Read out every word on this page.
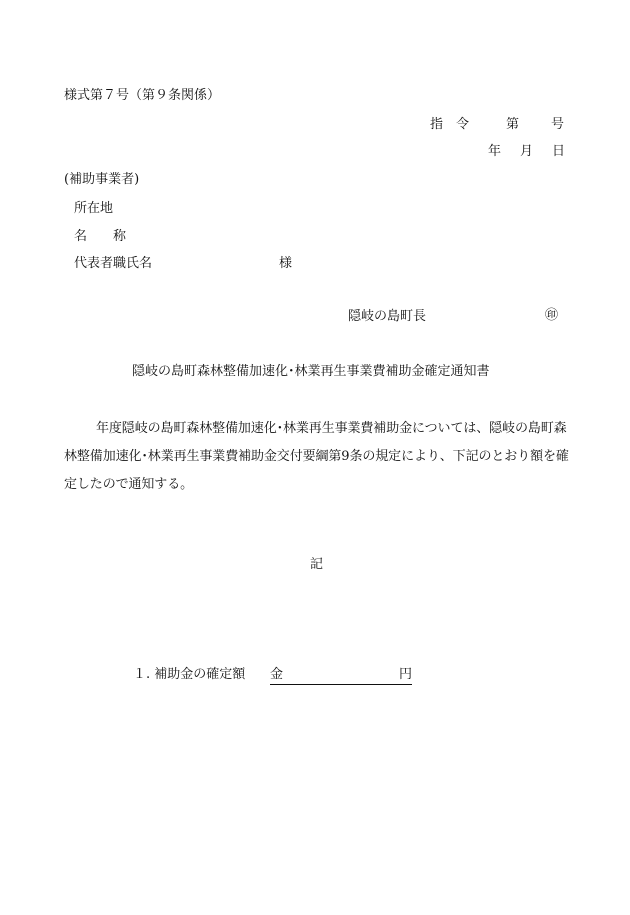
様式第７号（第９条関係）
指　令	第 号
年 月 日
(補助事業者)
所在地
名　　称
代表者職氏名	様
隠岐の島町長	㊞
隠岐の島町森林整備加速化･林業再生事業費補助金確定通知書
年度隠岐の島町森林整備加速化･林業再生事業費補助金については、隠岐の島町森林整備加速化･林業再生事業費補助金交付要綱第9条の規定により、下記のとおり額を確定したので通知する。
記
１. 補助金の確定額 金	円
